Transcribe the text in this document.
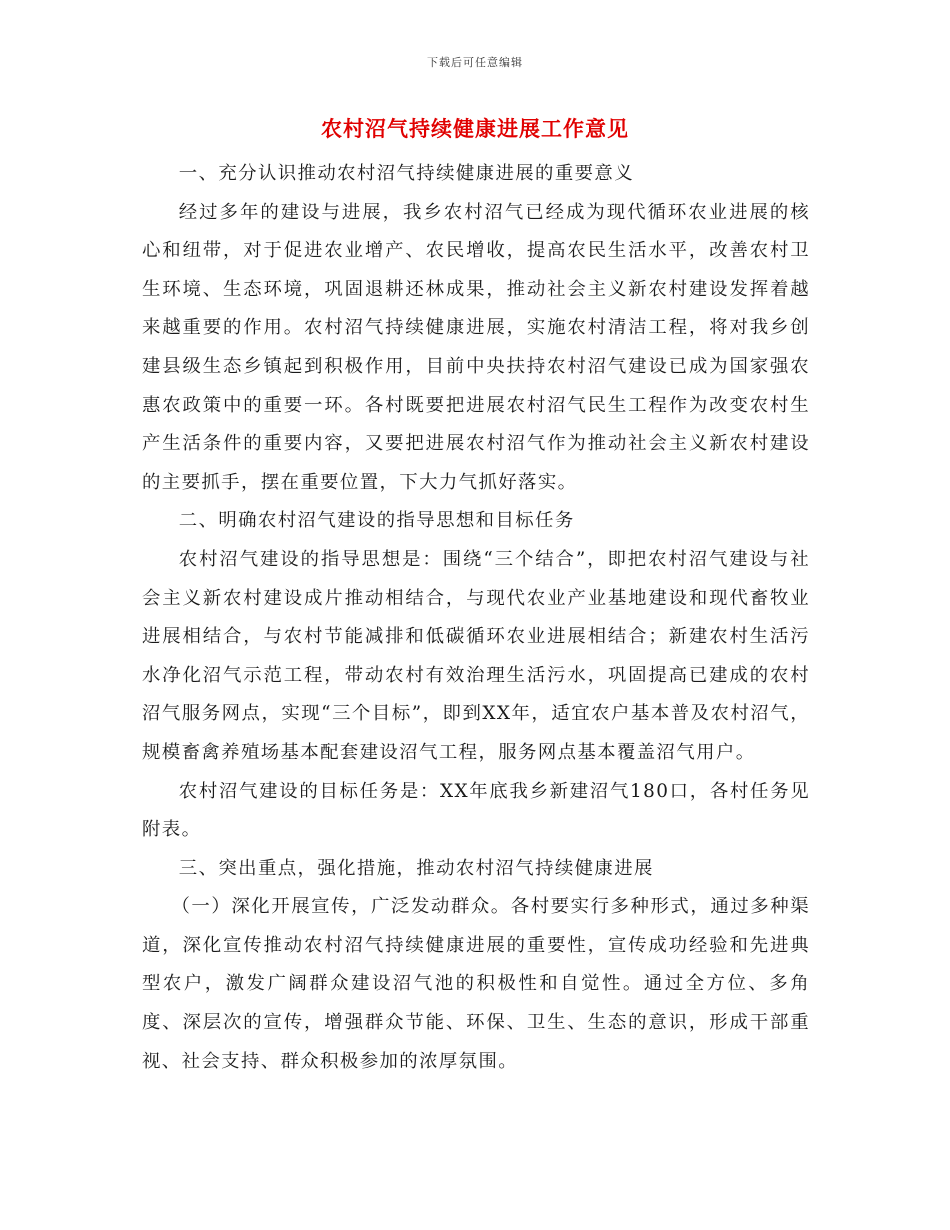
下载后可任意编辑
农村沼气持续健康进展工作意见

一、充分认识推动农村沼气持续健康进展的重要意义

经过多年的建设与进展，我乡农村沼气已经成为现代循环农业进展的核心和纽带，对于促进农业增产、农民增收，提高农民生活水平，改善农村卫生环境、生态环境，巩固退耕还林成果，推动社会主义新农村建设发挥着越来越重要的作用。农村沼气持续健康进展，实施农村清洁工程，将对我乡创建县级生态乡镇起到积极作用，目前中央扶持农村沼气建设已成为国家强农惠农政策中的重要一环。各村既要把进展农村沼气民生工程作为改变农村生产生活条件的重要内容，又要把进展农村沼气作为推动社会主义新农村建设的主要抓手，摆在重要位置，下大力气抓好落实。

二、明确农村沼气建设的指导思想和目标任务

农村沼气建设的指导思想是：围绕“三个结合”，即把农村沼气建设与社会主义新农村建设成片推动相结合，与现代农业产业基地建设和现代畜牧业进展相结合，与农村节能减排和低碳循环农业进展相结合；新建农村生活污水净化沼气示范工程，带动农村有效治理生活污水，巩固提高已建成的农村沼气服务网点，实现“三个目标”，即到XX年，适宜农户基本普及农村沼气，规模畜禽养殖场基本配套建设沼气工程，服务网点基本覆盖沼气用户。

农村沼气建设的目标任务是：XX年底我乡新建沼气180口，各村任务见附表。

三、突出重点，强化措施，推动农村沼气持续健康进展

（一）深化开展宣传，广泛发动群众。各村要实行多种形式，通过多种渠道，深化宣传推动农村沼气持续健康进展的重要性，宣传成功经验和先进典型农户，激发广阔群众建设沼气池的积极性和自觉性。通过全方位、多角度、深层次的宣传，增强群众节能、环保、卫生、生态的意识，形成干部重视、社会支持、群众积极参加的浓厚氛围。
